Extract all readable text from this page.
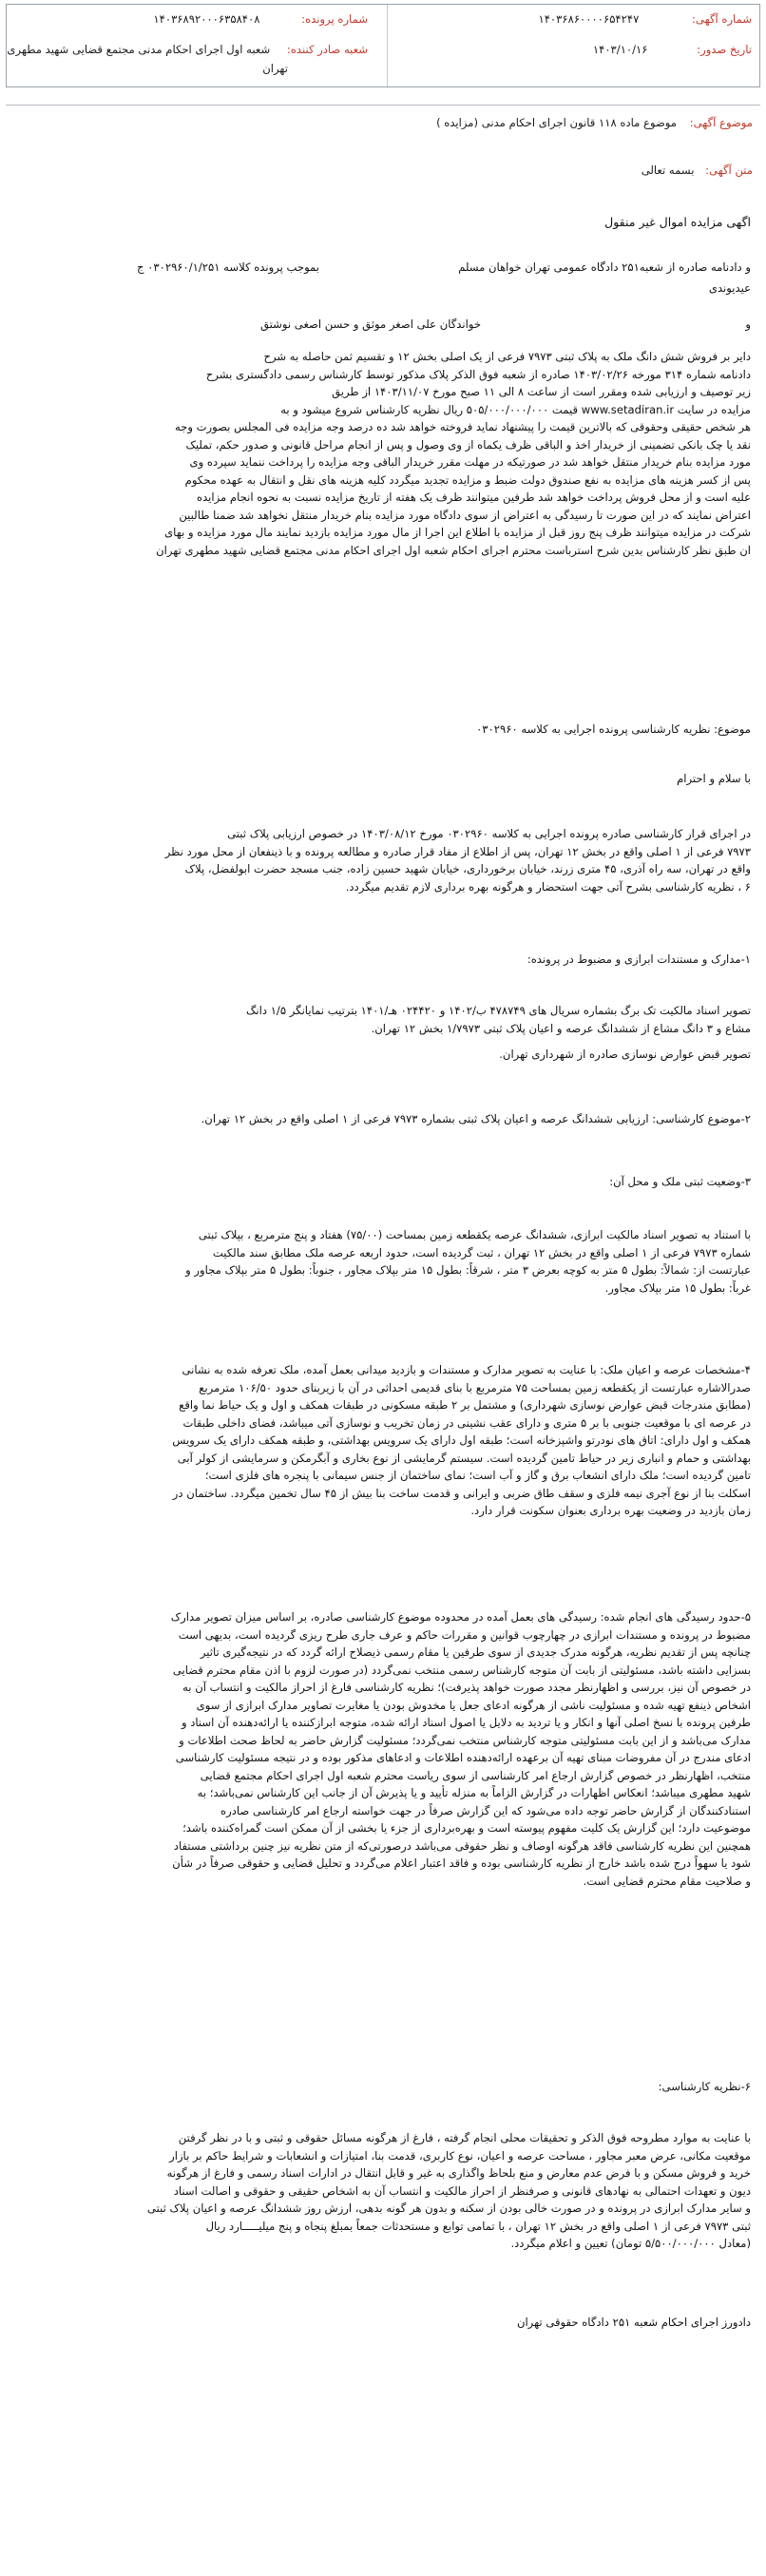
شماره آگهی: ۱۴۰۳۶۸۶۰۰۰۰۶۵۴۲۴۷
تاریخ صدور: ۱۴۰۳/۱۰/۱۶
شماره پرونده: ۱۴۰۳۶۸۹۲۰۰۰۶۳۵۸۴۰۸
شعبه صادر کننده: شعبه اول اجرای احکام مدنی مجتمع قضایی شهید مطهری
تهران
موضوع آگهی: موضوع ماده ۱۱۸ قانون اجرای احکام مدنی (مزایده )
متن آگهی: بسمه تعالی
اگهی مزایده اموال غیر منقول
و دادنامه صادره از شعبه۲۵۱ دادگاه عمومی تهران خواهان مسلم
بموجب پرونده کلاسه ۰۳۰۲۹۶۰/۱/۲۵۱ ج
عیدیوندی
و
خواندگان علی اصغر موثق و حسن اصغی نوشتق
دایر بر فروش شش دانگ ملک به پلاک ثبتی ۷۹۷۳ فرعی از یک اصلی بخش ۱۲ و تقسیم ثمن حاصله به شرح
دادنامه شماره ۳۱۴ مورخه ۱۴۰۳/۰۲/۲۶ صادره از شعبه فوق الذکر پلاک مذکور توسط کارشناس رسمی دادگستری بشرح
زیر توصیف و ارزیابی شده ومقرر است از ساعت ۸ الی ۱۱ صبح مورخ ۱۴۰۳/۱۱/۰۷ از طریق
مزایده در سایت www.setadiran.ir قیمت ۵۰۵/۰۰۰/۰۰۰/۰۰۰ ریال نظریه کارشناس شروع میشود و به
هر شخص حقیقی وحقوقی که بالاترین قیمت را پیشنهاد نماید فروخته خواهد شد ده درصد وجه مزایده فی المجلس بصورت وجه
نقد یا چک بانکی تضمینی از خریدار اخذ و الباقی ظرف یکماه از وی وصول و پس از انجام مراحل قانونی و صدور حکم، تملیک
مورد مزایده بنام خریدار منتقل خواهد شد در صورتیکه در مهلت مقرر خریدار الباقی وجه مزایده را پرداخت ننماید سپرده وی
پس از کسر هزینه های مزایده به نفع صندوق دولت ضبط و مزایده تجدید میگردد کلیه هزینه های نقل و انتقال به عهده محکوم
علیه است و از محل فروش پرداخت خواهد شد طرفین میتوانند ظرف یک هفته از تاریخ مزایده نسبت به نحوه انجام مزایده
اعتراض نمایند که در این صورت تا رسیدگی به اعتراض از سوی دادگاه مورد مزایده بنام خریدار منتقل نخواهد شد ضمنا طالبین
شرکت در مزایده میتوانند ظرف پنج روز قبل از مزایده با اطلاع این اجرا از مال مورد مزایده بازدید نمایند مال مورد مزایده و بهای
ان طبق نظر کارشناس بدین شرح استرباست محترم اجرای احکام شعبه اول اجرای احکام مدنی مجتمع قضایی شهید مطهری تهران
موضوع: نظریه کارشناسی پرونده اجرایی به کلاسه ۰۳۰۲۹۶۰
با سلام و احترام
در اجرای قرار کارشناسی صادره پرونده اجرایی به کلاسه ۰۳۰۲۹۶۰ مورخ ۱۴۰۳/۰۸/۱۲ در خصوص ارزیابی پلاک ثبتی
۷۹۷۳ فرعی از ۱ اصلی واقع در بخش ۱۲ تهران، پس از اطلاع از مفاد قرار صادره و مطالعه پرونده و با ذینفعان از محل مورد نظر
واقع در تهران، سه راه آذری، ۴۵ متری زرند، خیابان برخورداری، خیابان شهید حسین زاده، جنب مسجد حضرت ابولفضل، پلاک
۶ ، نظریه کارشناسی بشرح آتی جهت استحضار و هرگونه بهره برداری لازم تقدیم میگردد.
۱-مدارک و مستندات ابرازی و مضبوط در پرونده:
تصویر اسناد مالکیت تک برگ بشماره سریال های ۴۷۸۷۴۹ ب/۱۴۰۲ و ۰۲۴۴۲۰ هـ/۱۴۰۱ بترتیب نمایانگر ۱/۵ دانگ
مشاع و ۳ دانگ مشاع از ششدانگ عرصه و اعیان پلاک ثبتی ۱/۷۹۷۳ بخش ۱۲ تهران.
تصویر قبض عوارض نوسازی صادره از شهرداری تهران.
۲-موضوع کارشناسی: ارزیابی ششدانگ عرصه و اعیان پلاک ثبتی بشماره ۷۹۷۳ فرعی از ۱ اصلی واقع در بخش ۱۲ تهران.
۳-وضعیت ثبتی ملک و محل آن:
با استناد به تصویر اسناد مالکیت ابرازی، ششدانگ عرصه یکقطعه زمین بمساحت (۷۵/۰۰) هفتاد و پنج مترمربع ، بپلاک ثبتی
شماره ۷۹۷۳ فرعی از ۱ اصلی واقع در بخش ۱۲ تهران ، ثبت گردیده است، حدود اربعه عرصه ملک مطابق سند مالکیت
عبارتست از: شمالاً: بطول ۵ متر به کوچه بعرض ۳ متر ، شرقاً: بطول ۱۵ متر بپلاک مجاور ، جنوباً: بطول ۵ متر بپلاک مجاور و
غرباً: بطول ۱۵ متر بپلاک مجاور.
۴-مشخصات عرصه و اعیان ملک: با عنایت به تصویر مدارک و مستندات و بازدید میدانی بعمل آمده، ملک تعرفه شده به نشانی
صدرالاشاره عبارتست از یکقطعه زمین بمساحت ۷۵ مترمربع با بنای قدیمی احداثی در آن با زیربنای حدود ۱۰۶/۵۰ مترمربع
(مطابق مندرجات قبض عوارض نوسازی شهرداری) و مشتمل بر ۲ طبقه مسکونی در طبقات همکف و اول و یک حیاط نما واقع
در عرصه ای با موقعیت جنوبی با بر ۵ متری و دارای عقب نشینی در زمان تخریب و نوسازی آتی میباشد، فضای داخلی طبقات
همکف و اول دارای: اتاق های نودرتو واشپزخانه است؛ طبقه اول دارای یک سرویس بهداشتی، و طبقه همکف دارای یک سرویس
بهداشتی و حمام و انباری زیر در حیاط تامین گردیده است. سیستم گرمایشی از نوع بخاری و آبگرمکن و سرمایشی از کولر آبی
تامین گردیده است؛ ملک دارای انشعاب برق و گاز و آب است؛ نمای ساختمان از جنس سیمانی با پنجره های فلزی است؛
اسکلت بنا از نوع آجری نیمه فلزی و سقف طاق ضربی و ایرانی و قدمت ساخت بنا بیش از ۴۵ سال تخمین میگردد. ساختمان در
زمان بازدید در وضعیت بهره برداری بعنوان سکونت قرار دارد.
۵-حدود رسیدگی های انجام شده: رسیدگی های بعمل آمده در محدوده موضوع کارشناسی صادره، بر اساس میزان تصویر مدارک
مضبوط در پرونده و مستندات ابرازی در چهارچوب قوانین و مقررات حاکم و عرف جاری طرح ریزی گردیده است، بدیهی است
چنانچه پس از تقدیم نظریه، هرگونه مدرک جدیدی از سوی طرفین یا مقام رسمی ذیصلاح ارائه گردد که در نتیجه‌گیری تاثیر
بسزایی داشته باشد، مسئولیتی از بابت آن متوجه کارشناس رسمی منتخب نمی‌گردد (در صورت لزوم با اذن مقام محترم قضایی
در خصوص آن نیز، بررسی و اظهارنظر مجدد صورت خواهد پذیرفت)؛ نظریه کارشناسی فارغ از احراز مالکیت و انتساب آن به
اشخاص ذینفع تهیه شده و مسئولیت ناشی از هرگونه ادعای جعل یا مخدوش بودن یا مغایرت تصاویر مدارک ابرازی از سوی
طرفین پرونده با نسخ اصلی آنها و انکار و یا تردید به دلایل یا اصول اسناد ارائه شده، متوجه ابرازکننده یا ارائه‌دهنده آن اسناد و
مدارک می‌باشد و از این بابت مسئولیتی متوجه کارشناس منتخب نمی‌گردد؛ مسئولیت گزارش حاضر به لحاظ صحت اطلاعات و
ادعای مندرج در آن مفروضات مبنای تهیه آن برعهده ارائه‌دهنده اطلاعات و ادعاهای مذکور بوده و در نتیجه مسئولیت کارشناسی
منتخب، اظهارنظر در خصوص گزارش ارجاع امر کارشناسی از سوی ریاست محترم شعبه اول اجرای احکام مجتمع قضایی
شهید مطهری میباشد؛ انعکاس اظهارات در گزارش الزاماً به منزله تأیید و یا پذیرش آن از جانب این کارشناس نمی‌باشد؛ به
استنادکنندگان از گزارش حاضر توجه داده می‌شود که این گزارش صرفاً در جهت خواسته ارجاع امر کارشناسی صادره
موضوعیت دارد؛ این گزارش یک کلیت مفهوم پیوسته است و بهره‌برداری از جزء یا بخشی از آن ممکن است گمراه‌کننده باشد؛
همچنین این نظریه کارشناسی فاقد هرگونه اوصاف و نظر حقوقی می‌باشد درصورتی‌که از متن نظریه نیز چنین برداشتی مستفاد
شود یا سهواً درج شده باشد خارج از نظریه کارشناسی بوده و فاقد اعتبار اعلام می‌گردد و تحلیل قضایی و حقوقی صرفاً در شأن
و صلاحیت مقام محترم قضایی است.
۶-نظریه کارشناسی:
با عنایت به موارد مطروحه فوق الذکر و تحقیقات محلی انجام گرفته ، فارغ از هرگونه مسائل حقوقی و ثبتی و با در نظر گرفتن
موقعیت مکانی، عرض معبر مجاور ، مساحت عرصه و اعیان، نوع کاربری، قدمت بنا، امتیازات و انشعابات و شرایط حاکم بر بازار
خرید و فروش مسکن و با فرض عدم معارض و منع بلحاظ واگذاری به غیر و قابل انتقال در ادارات اسناد رسمی و فارغ از هرگونه
دیون و تعهدات احتمالی به نهادهای قانونی و صرفنظر از احراز مالکیت و انتساب آن به اشخاص حقیقی و حقوقی و اصالت اسناد
و سایر مدارک ابرازی در پرونده و در صورت خالی بودن از سکنه و بدون هر گونه بدهی، ارزش روز ششدانگ عرصه و اعیان پلاک ثبتی
ثبتی ۷۹۷۳ فرعی از ۱ اصلی واقع در بخش ۱۲ تهران ، با تمامی توابع و مستحدثات جمعاً بمبلغ پنجاه و پنج میلیـــــارد ریال
(معادل ۵/۵۰۰/۰۰۰/۰۰۰ تومان) تعیین و اعلام میگردد.
دادورز اجرای احکام شعبه ۲۵۱ دادگاه حقوقی تهران
